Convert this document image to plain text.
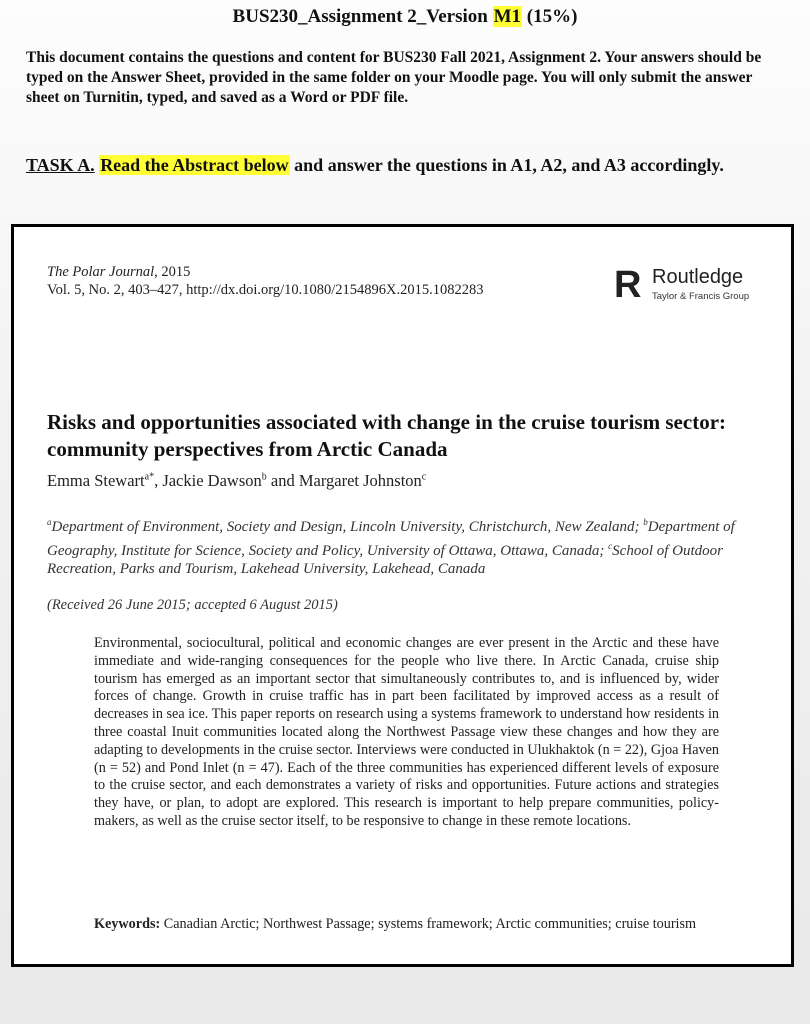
BUS230_Assignment 2_Version M1 (15%)

This document contains the questions and content for BUS230 Fall 2021, Assignment 2. Your answers should be typed on the Answer Sheet, provided in the same folder on your Moodle page. You will only submit the answer sheet on Turnitin, typed, and saved as a Word or PDF file.

TASK A. Read the Abstract below and answer the questions in A1, A2, and A3 accordingly.

The Polar Journal, 2015
Vol. 5, No. 2, 403–427, http://dx.doi.org/10.1080/2154896X.2015.1082283	R Routledge
Taylor & Francis Group
Risks and opportunities associated with change in the cruise tourism sector: community perspectives from Arctic Canada
Emma Stewart$^{a*}$, Jackie Dawson$^b$ and Margaret Johnston$^c$

$^a$Department of Environment, Society and Design, Lincoln University, Christchurch, New Zealand; $^b$Department of Geography, Institute for Science, Society and Policy, University of Ottawa, Ottawa, Canada; $^c$School of Outdoor Recreation, Parks and Tourism, Lakehead University, Lakehead, Canada

(Received 26 June 2015; accepted 6 August 2015)

Environmental, sociocultural, political and economic changes are ever present in the Arctic and these have immediate and wide-ranging consequences for the people who live there. In Arctic Canada, cruise ship tourism has emerged as an important sector that simultaneously contributes to, and is influenced by, wider forces of change. Growth in cruise traffic has in part been facilitated by improved access as a result of decreases in sea ice. This paper reports on research using a systems framework to understand how residents in three coastal Inuit communities located along the Northwest Passage view these changes and how they are adapting to developments in the cruise sector. Interviews were conducted in Ulukhaktok (n = 22), Gjoa Haven (n = 52) and Pond Inlet (n = 47). Each of the three communities has experienced different levels of exposure to the cruise sector, and each demonstrates a variety of risks and opportunities. Future actions and strategies they have, or plan, to adopt are explored. This research is important to help prepare communities, policy-makers, as well as the cruise sector itself, to be responsive to change in these remote locations.

Keywords: Canadian Arctic; Northwest Passage; systems framework; Arctic communities; cruise tourism
